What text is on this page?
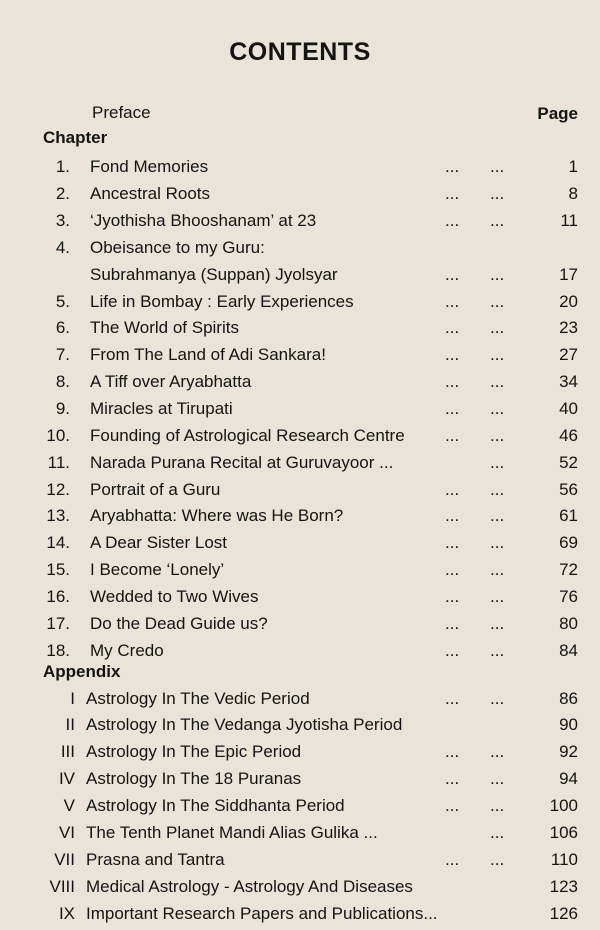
CONTENTS
Preface	Page
Chapter
1. Fond Memories	... ...	1
2. Ancestral Roots	... ...	8
3. ‘Jyothisha Bhooshanam’ at 23	... ...	11
4. Obeisance to my Guru:
Subrahmanya (Suppan) Jyolsyar	... ...	17
5. Life in Bombay : Early Experiences	... ...	20
6. The World of Spirits	... ...	23
7. From The Land of Adi Sankara!	... ...	27
8. A Tiff over Aryabhatta	... ...	34
9. Miracles at Tirupati	... ...	40
10. Founding of Astrological Research Centre ... ...	46
11. Narada Purana Recital at Guruvayoor ...	...	52
12. Portrait of a Guru	... ...	56
13. Aryabhatta: Where was He Born?	... ...	61
14. A Dear Sister Lost	... ...	69
15. I Become ‘Lonely’	... ...	72
16. Wedded to Two Wives	... ...	76
17. Do the Dead Guide us?	... ...	80
18. My Credo	... ...	84
Appendix
I Astrology In The Vedic Period	... ...	86
II Astrology In The Vedanga Jyotisha Period	90
III Astrology In The Epic Period	... ...	92
IV Astrology In The 18 Puranas	... ...	94
V Astrology In The Siddhanta Period	... ...	100
VI The Tenth Planet Mandi Alias Gulika ...	...	106
VII Prasna and Tantra	... ...	110
VIII Medical Astrology - Astrology And Diseases	123
IX Important Research Papers and Publications...	126
